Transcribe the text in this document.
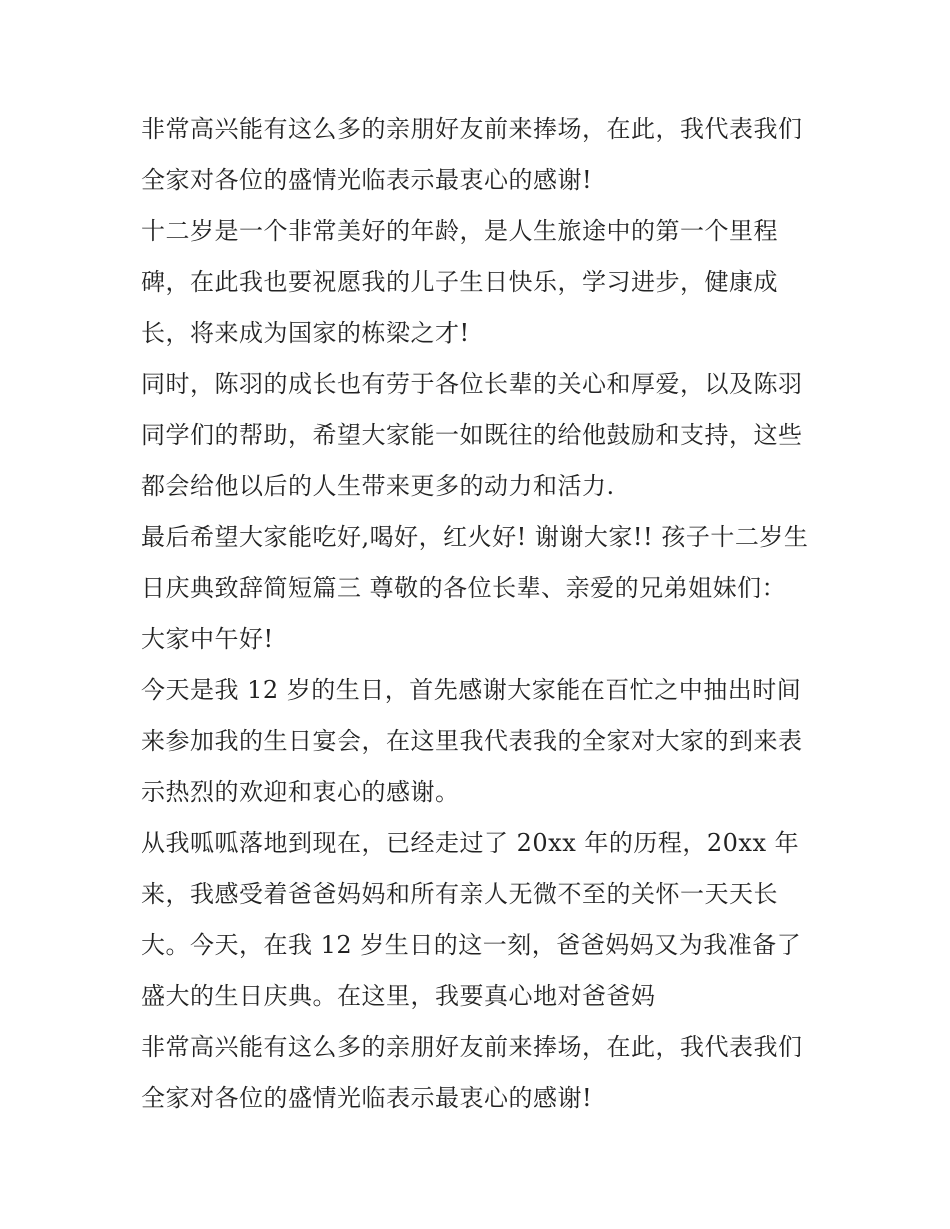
非常高兴能有这么多的亲朋好友前来捧场，在此，我代表我们
全家对各位的盛情光临表示最衷心的感谢!

十二岁是一个非常美好的年龄，是人生旅途中的第一个里程
碑，在此我也要祝愿我的儿子生日快乐，学习进步，健康成
长，将来成为国家的栋梁之才!

同时，陈羽的成长也有劳于各位长辈的关心和厚爱，以及陈羽
同学们的帮助，希望大家能一如既往的给他鼓励和支持，这些
都会给他以后的人生带来更多的动力和活力.

最后希望大家能吃好,喝好，红火好! 谢谢大家!! 孩子十二岁生
日庆典致辞简短篇三 尊敬的各位长辈、亲爱的兄弟姐妹们：

大家中午好!

今天是我 12 岁的生日，首先感谢大家能在百忙之中抽出时间
来参加我的生日宴会，在这里我代表我的全家对大家的到来表
示热烈的欢迎和衷心的感谢。

从我呱呱落地到现在，已经走过了 20xx 年的历程，20xx 年
来，我感受着爸爸妈妈和所有亲人无微不至的关怀一天天长
大。今天，在我 12 岁生日的这一刻，爸爸妈妈又为我准备了
盛大的生日庆典。在这里，我要真心地对爸爸妈

非常高兴能有这么多的亲朋好友前来捧场，在此，我代表我们
全家对各位的盛情光临表示最衷心的感谢!
